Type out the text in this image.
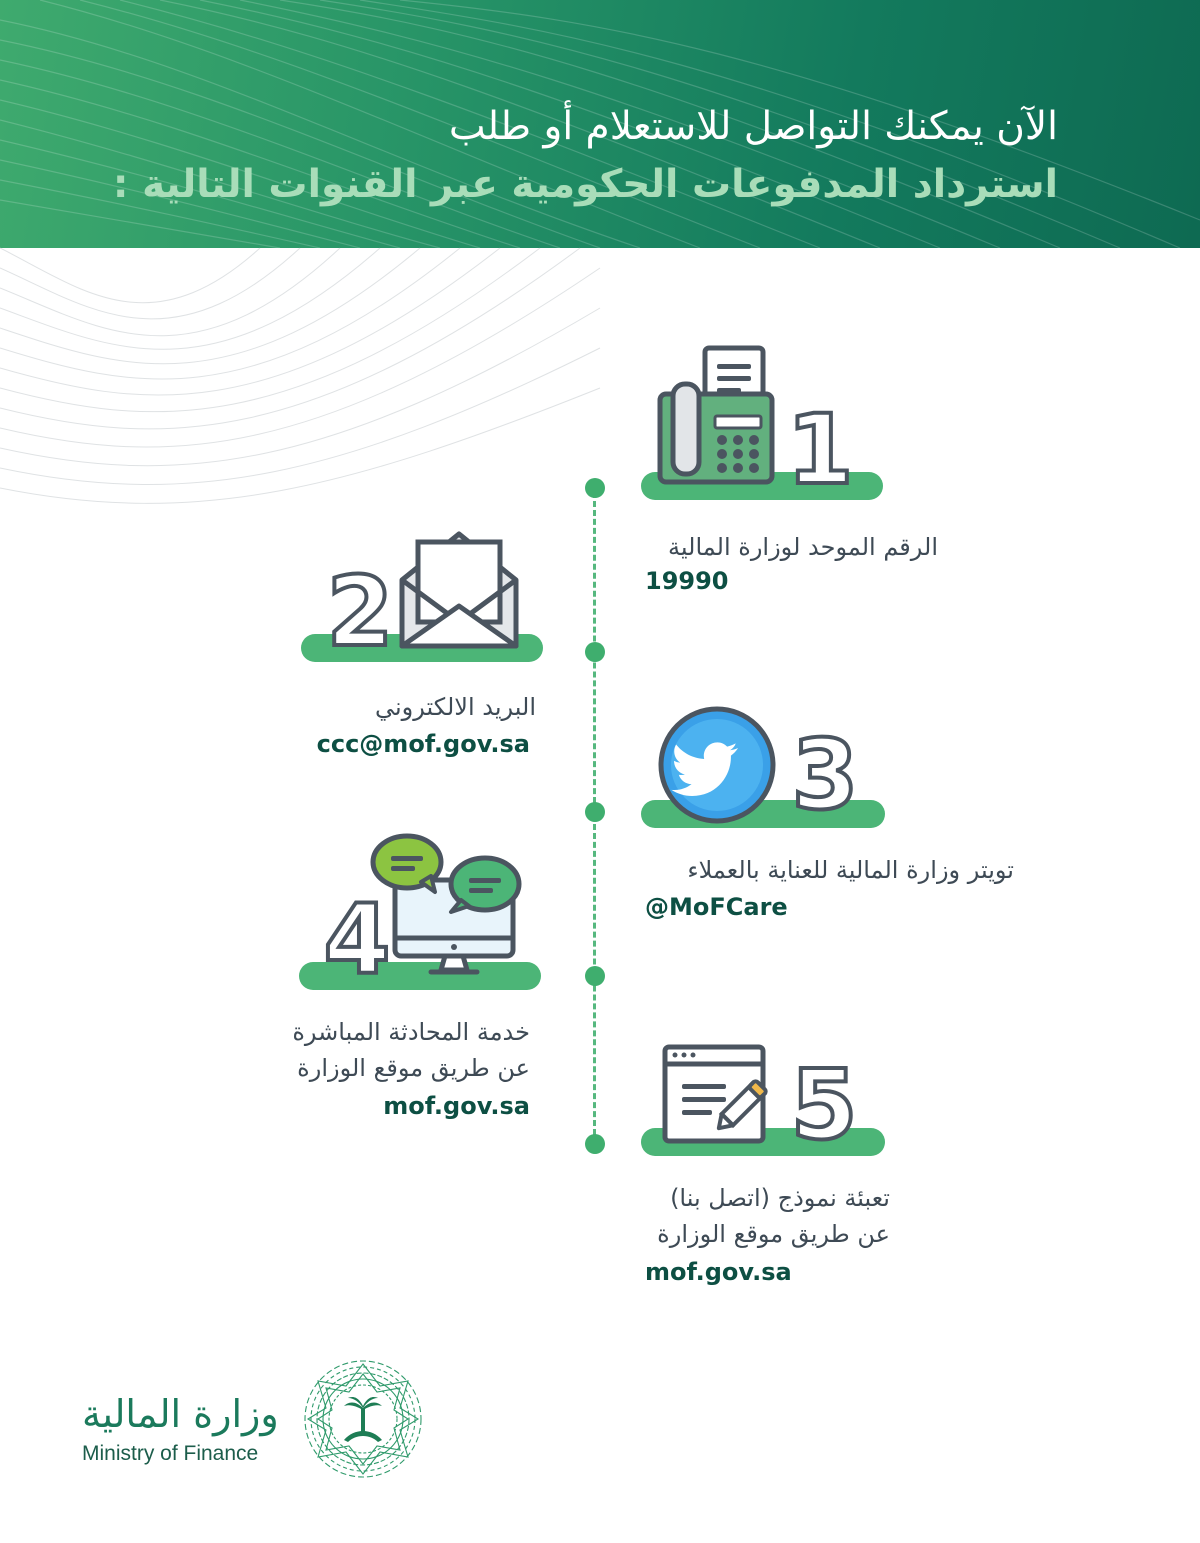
الآن يمكنك التواصل للاستعلام أو طلب
استرداد المدفوعات الحكومية عبر القنوات التالية :
1

الرقم الموحد لوزارة المالية

19990

2

البريد الالكتروني

ccc@mof.gov.sa	3

تويتر وزارة المالية للعناية بالعملاء

@MoFCare

4

خدمة المحادثة المباشرة

عن طريق موقع الوزارة

mof.gov.sa	5

تعبئة نموذج (اتصل بنا)

عن طريق موقع الوزارة

mof.gov.sa

وزارة المالية

Ministry of Finance
